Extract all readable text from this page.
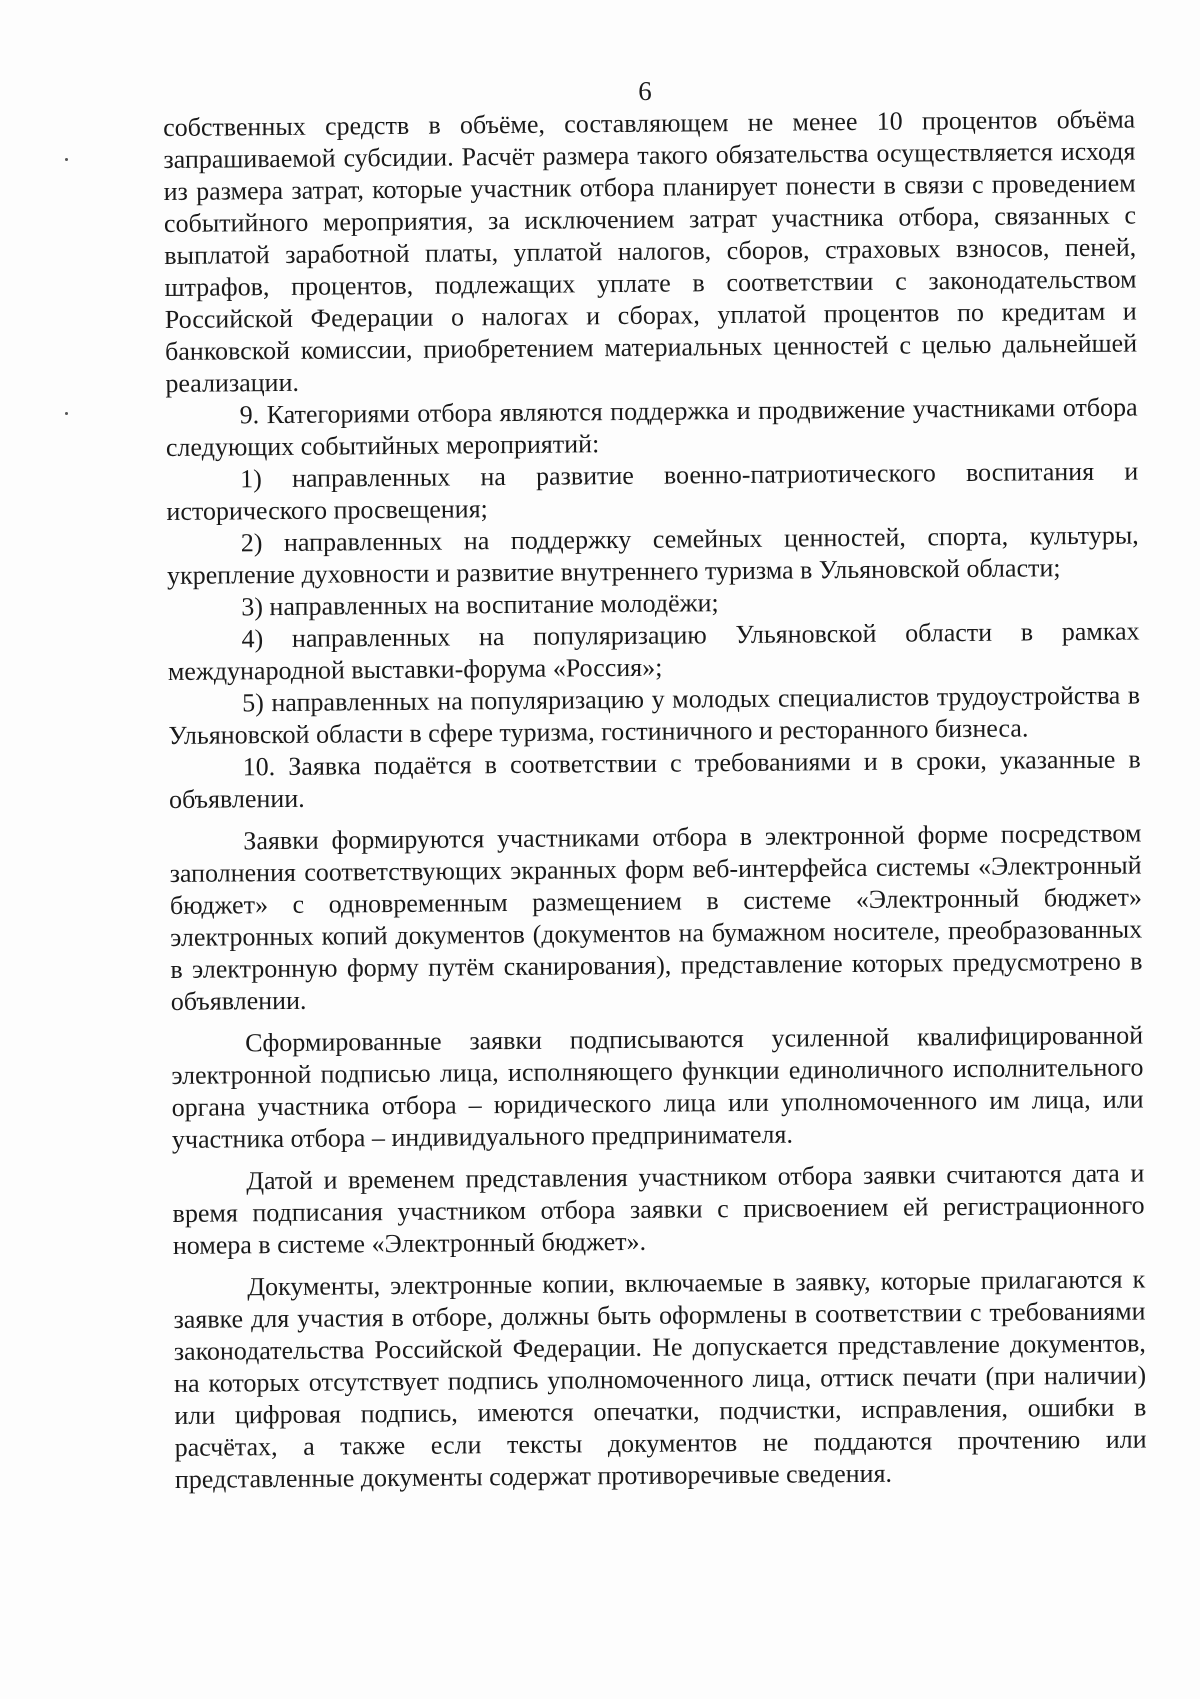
6

собственных средств в объёме, составляющем не менее 10 процентов объёма запрашиваемой субсидии. Расчёт размера такого обязательства осуществляется исходя из размера затрат, которые участник отбора планирует понести в связи с проведением событийного мероприятия, за исключением затрат участника отбора, связанных с выплатой заработной платы, уплатой налогов, сборов, страховых взносов, пеней, штрафов, процентов, подлежащих уплате в соответствии с законодательством Российской Федерации о налогах и сборах, уплатой процентов по кредитам и банковской комиссии, приобретением материальных ценностей с целью дальнейшей реализации.

9. Категориями отбора являются поддержка и продвижение участниками отбора следующих событийных мероприятий:

1) направленных на развитие военно-патриотического воспитания и исторического просвещения;

2) направленных на поддержку семейных ценностей, спорта, культуры, укрепление духовности и развитие внутреннего туризма в Ульяновской области;

3) направленных на воспитание молодёжи;

4) направленных на популяризацию Ульяновской области в рамках международной выставки-форума «Россия»;

5) направленных на популяризацию у молодых специалистов трудоустройства в Ульяновской области в сфере туризма, гостиничного и ресторанного бизнеса.

10. Заявка подаётся в соответствии с требованиями и в сроки, указанные в объявлении.

Заявки формируются участниками отбора в электронной форме посредством заполнения соответствующих экранных форм веб-интерфейса системы «Электронный бюджет» с одновременным размещением в системе «Электронный бюджет» электронных копий документов (документов на бумажном носителе, преобразованных в электронную форму путём сканирования), представление которых предусмотрено в объявлении.

Сформированные заявки подписываются усиленной квалифицированной электронной подписью лица, исполняющего функции единоличного исполнительного органа участника отбора – юридического лица или уполномоченного им лица, или участника отбора – индивидуального предпринимателя.

Датой и временем представления участником отбора заявки считаются дата и время подписания участником отбора заявки с присвоением ей регистрационного номера в системе «Электронный бюджет».

Документы, электронные копии, включаемые в заявку, которые прилагаются к заявке для участия в отборе, должны быть оформлены в соответствии с требованиями законодательства Российской Федерации. Не допускается представление документов, на которых отсутствует подпись уполномоченного лица, оттиск печати (при наличии) или цифровая подпись, имеются опечатки, подчистки, исправления, ошибки в расчётах, а также если тексты документов не поддаются прочтению или представленные документы содержат противоречивые сведения.
